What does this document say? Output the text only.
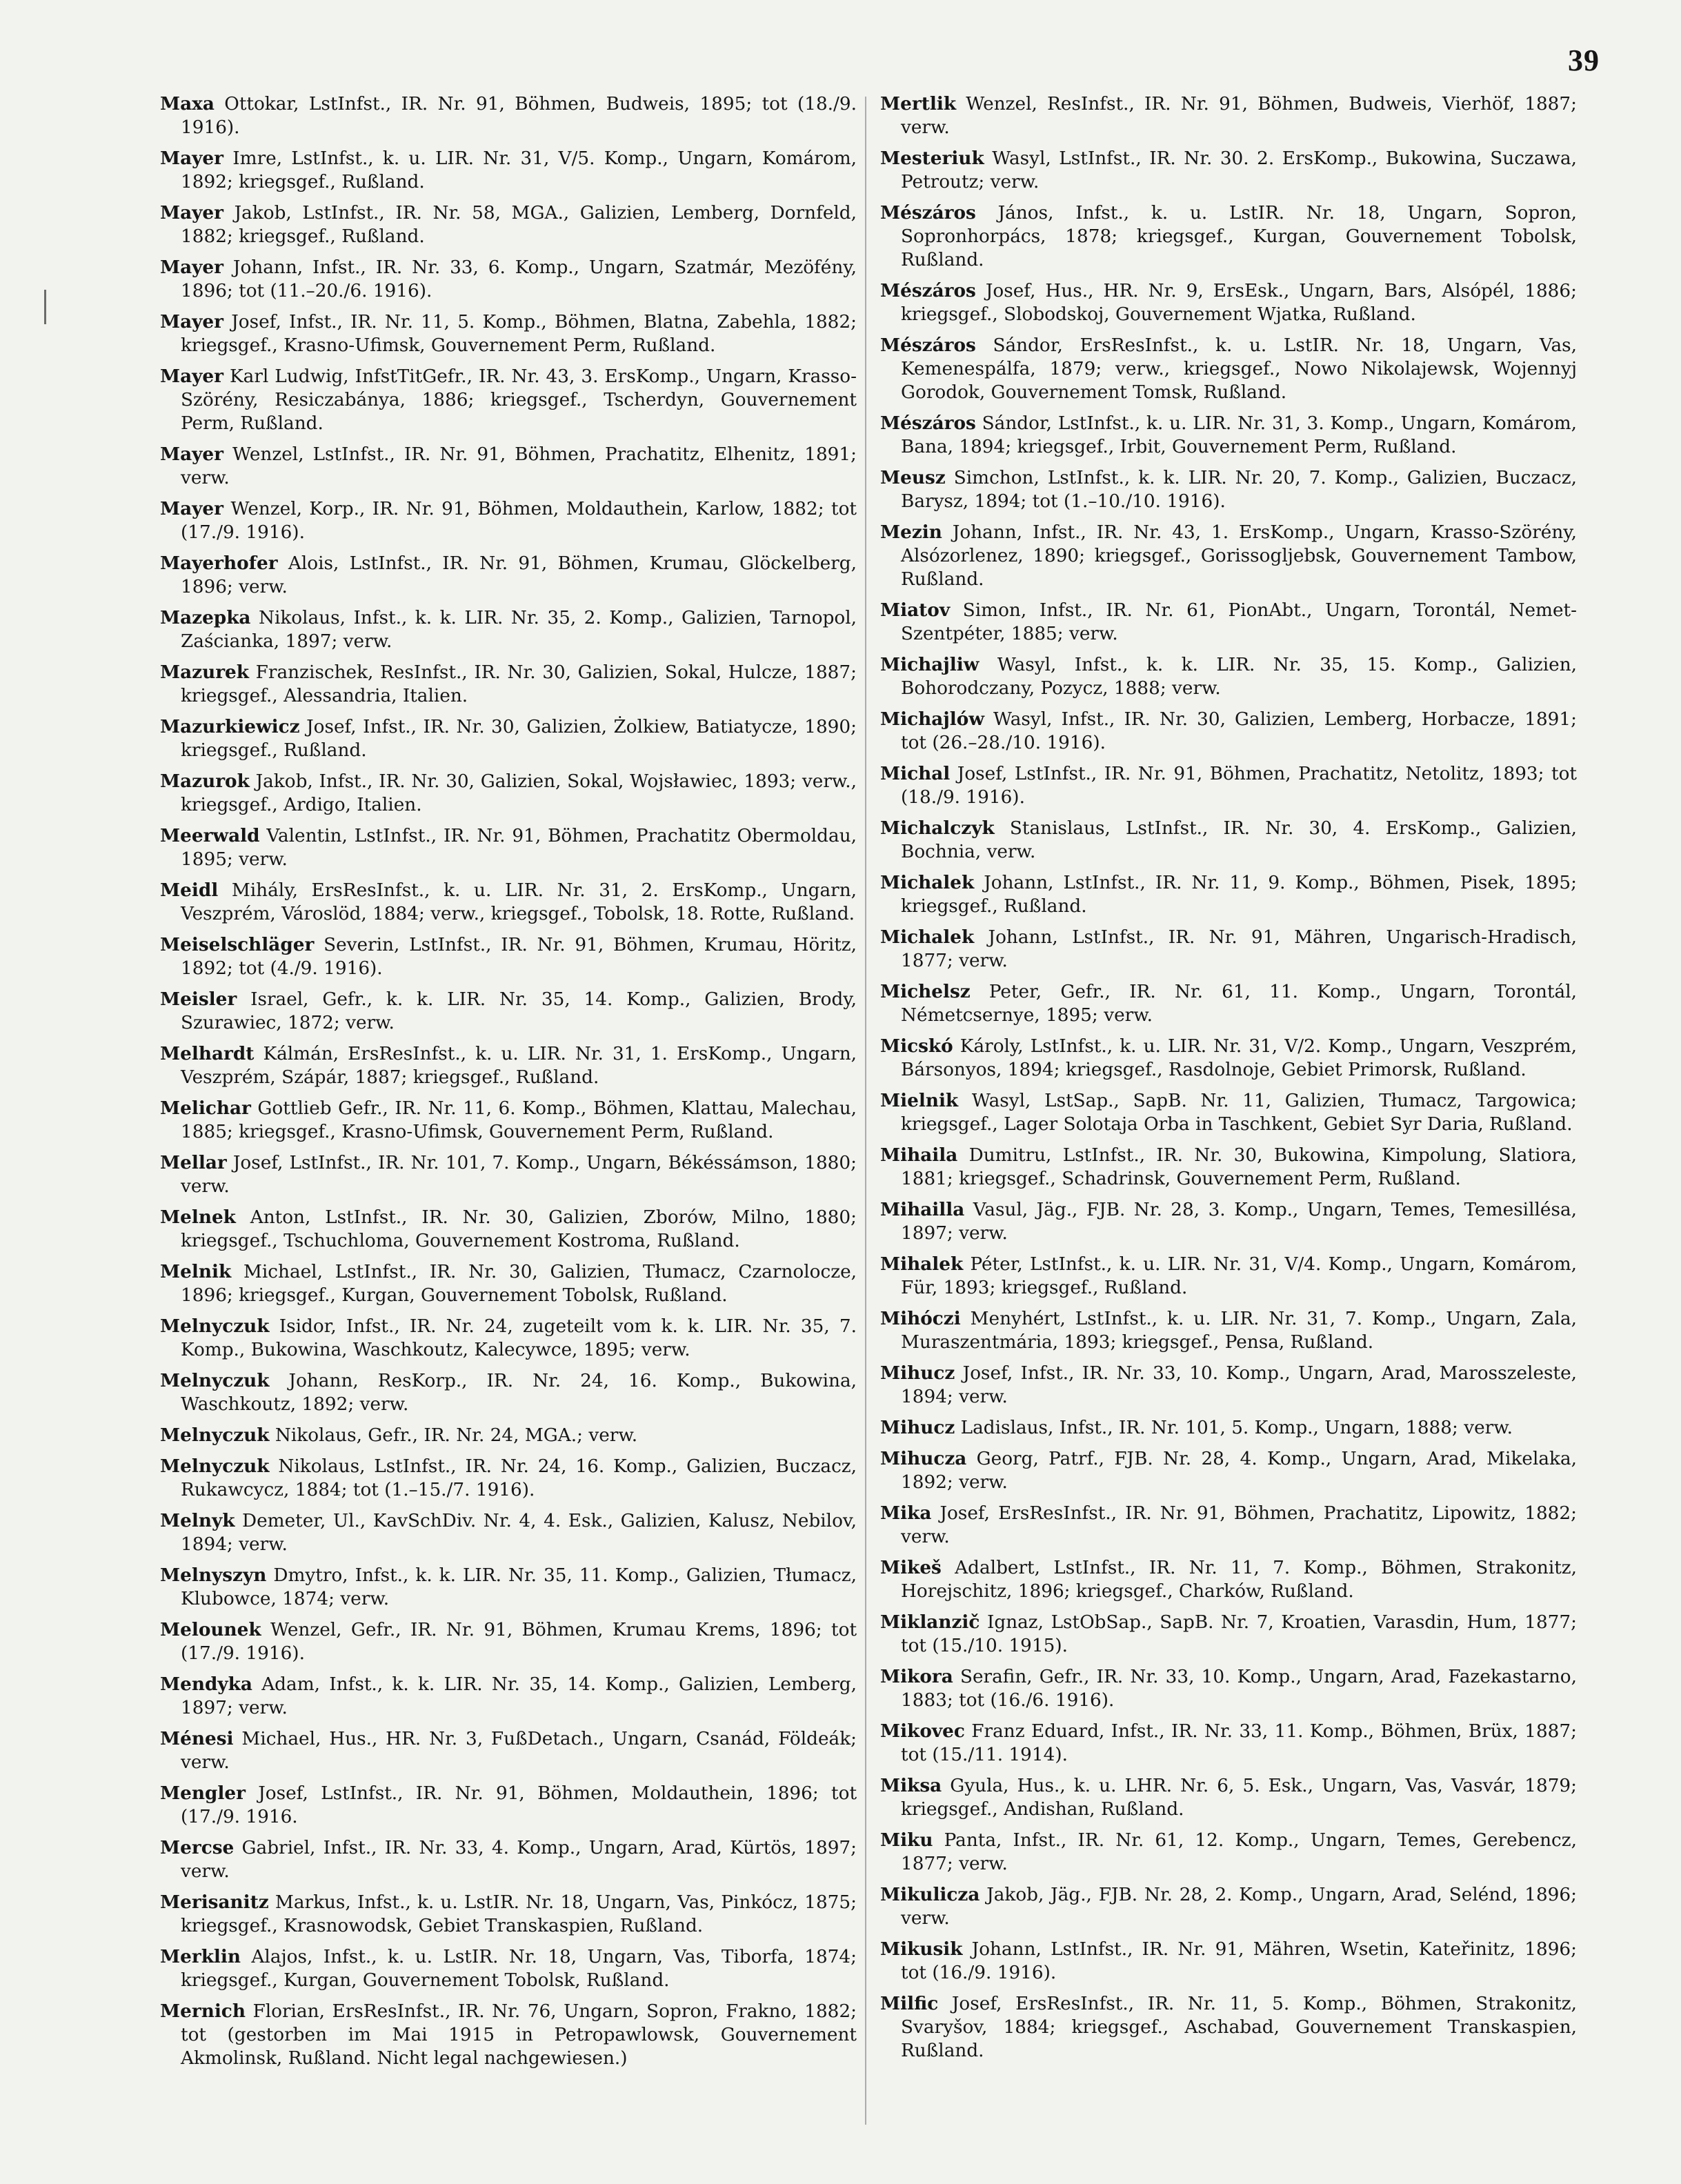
39

Maxa Ottokar, LstInfst., IR. Nr. 91, Böhmen, Budweis, 1895; tot (18./9. 1916).

Mayer Imre, LstInfst., k. u. LIR. Nr. 31, V/5. Komp., Ungarn, Komárom, 1892; kriegsgef., Rußland.

Mayer Jakob, LstInfst., IR. Nr. 58, MGA., Galizien, Lemberg, Dornfeld, 1882; kriegsgef., Rußland.

Mayer Johann, Infst., IR. Nr. 33, 6. Komp., Ungarn, Szatmár, Mezöfény, 1896; tot (11.–20./6. 1916).

Mayer Josef, Infst., IR. Nr. 11, 5. Komp., Böhmen, Blatna, Zabehla, 1882; kriegsgef., Krasno-Ufimsk, Gouvernement Perm, Rußland.

Mayer Karl Ludwig, InfstTitGefr., IR. Nr. 43, 3. ErsKomp., Ungarn, Krasso-Szörény, Resiczabánya, 1886; kriegsgef., Tscherdyn, Gouvernement Perm, Rußland.

Mayer Wenzel, LstInfst., IR. Nr. 91, Böhmen, Prachatitz, Elhenitz, 1891; verw.

Mayer Wenzel, Korp., IR. Nr. 91, Böhmen, Moldauthein, Karlow, 1882; tot (17./9. 1916).

Mayerhofer Alois, LstInfst., IR. Nr. 91, Böhmen, Krumau, Glöckelberg, 1896; verw.

Mazepka Nikolaus, Infst., k. k. LIR. Nr. 35, 2. Komp., Galizien, Tarnopol, Zaścianka, 1897; verw.

Mazurek Franzischek, ResInfst., IR. Nr. 30, Galizien, Sokal, Hulcze, 1887; kriegsgef., Alessandria, Italien.

Mazurkiewicz Josef, Infst., IR. Nr. 30, Galizien, Żolkiew, Batiatycze, 1890; kriegsgef., Rußland.

Mazurok Jakob, Infst., IR. Nr. 30, Galizien, Sokal, Wojsławiec, 1893; verw., kriegsgef., Ardigo, Italien.

Meerwald Valentin, LstInfst., IR. Nr. 91, Böhmen, Prachatitz Obermoldau, 1895; verw.

Meidl Mihály, ErsResInfst., k. u. LIR. Nr. 31, 2. ErsKomp., Ungarn, Veszprém, Városlöd, 1884; verw., kriegsgef., Tobolsk, 18. Rotte, Rußland.

Meiselschläger Severin, LstInfst., IR. Nr. 91, Böhmen, Krumau, Höritz, 1892; tot (4./9. 1916).

Meisler Israel, Gefr., k. k. LIR. Nr. 35, 14. Komp., Galizien, Brody, Szurawiec, 1872; verw.

Melhardt Kálmán, ErsResInfst., k. u. LIR. Nr. 31, 1. ErsKomp., Ungarn, Veszprém, Szápár, 1887; kriegsgef., Rußland.

Melichar Gottlieb Gefr., IR. Nr. 11, 6. Komp., Böhmen, Klattau, Malechau, 1885; kriegsgef., Krasno-Ufimsk, Gouvernement Perm, Rußland.

Mellar Josef, LstInfst., IR. Nr. 101, 7. Komp., Ungarn, Békéssámson, 1880; verw.

Melnek Anton, LstInfst., IR. Nr. 30, Galizien, Zborów, Milno, 1880; kriegsgef., Tschuchloma, Gouvernement Kostroma, Rußland.

Melnik Michael, LstInfst., IR. Nr. 30, Galizien, Tłumacz, Czarnolocze, 1896; kriegsgef., Kurgan, Gouvernement Tobolsk, Rußland.

Melnyczuk Isidor, Infst., IR. Nr. 24, zugeteilt vom k. k. LIR. Nr. 35, 7. Komp., Bukowina, Waschkoutz, Kalecywce, 1895; verw.

Melnyczuk Johann, ResKorp., IR. Nr. 24, 16. Komp., Bukowina, Waschkoutz, 1892; verw.

Melnyczuk Nikolaus, Gefr., IR. Nr. 24, MGA.; verw.

Melnyczuk Nikolaus, LstInfst., IR. Nr. 24, 16. Komp., Galizien, Buczacz, Rukawcycz, 1884; tot (1.–15./7. 1916).

Melnyk Demeter, Ul., KavSchDiv. Nr. 4, 4. Esk., Galizien, Kalusz, Nebilov, 1894; verw.

Melnyszyn Dmytro, Infst., k. k. LIR. Nr. 35, 11. Komp., Galizien, Tłumacz, Klubowce, 1874; verw.

Melounek Wenzel, Gefr., IR. Nr. 91, Böhmen, Krumau Krems, 1896; tot (17./9. 1916).

Mendyka Adam, Infst., k. k. LIR. Nr. 35, 14. Komp., Galizien, Lemberg, 1897; verw.

Ménesi Michael, Hus., HR. Nr. 3, FußDetach., Ungarn, Csanád, Földeák; verw.

Mengler Josef, LstInfst., IR. Nr. 91, Böhmen, Moldauthein, 1896; tot (17./9. 1916.

Mercse Gabriel, Infst., IR. Nr. 33, 4. Komp., Ungarn, Arad, Kürtös, 1897; verw.

Merisanitz Markus, Infst., k. u. LstIR. Nr. 18, Ungarn, Vas, Pinkócz, 1875; kriegsgef., Krasnowodsk, Gebiet Transkaspien, Rußland.

Merklin Alajos, Infst., k. u. LstIR. Nr. 18, Ungarn, Vas, Tiborfa, 1874; kriegsgef., Kurgan, Gouvernement Tobolsk, Rußland.

Mernich Florian, ErsResInfst., IR. Nr. 76, Ungarn, Sopron, Frakno, 1882; tot (gestorben im Mai 1915 in Petropawlowsk, Gouvernement Akmolinsk, Rußland. Nicht legal nachgewiesen.)

Mertlik Wenzel, ResInfst., IR. Nr. 91, Böhmen, Budweis, Vierhöf, 1887; verw.

Mesteriuk Wasyl, LstInfst., IR. Nr. 30. 2. ErsKomp., Bukowina, Suczawa, Petroutz; verw.

Mészáros János, Infst., k. u. LstIR. Nr. 18, Ungarn, Sopron, Sopronhorpács, 1878; kriegsgef., Kurgan, Gouvernement Tobolsk, Rußland.

Mészáros Josef, Hus., HR. Nr. 9, ErsEsk., Ungarn, Bars, Alsópél, 1886; kriegsgef., Slobodskoj, Gouvernement Wjatka, Rußland.

Mészáros Sándor, ErsResInfst., k. u. LstIR. Nr. 18, Ungarn, Vas, Kemenespálfa, 1879; verw., kriegsgef., Nowo Nikolajewsk, Wojennyj Gorodok, Gouvernement Tomsk, Rußland.

Mészáros Sándor, LstInfst., k. u. LIR. Nr. 31, 3. Komp., Ungarn, Komárom, Bana, 1894; kriegsgef., Irbit, Gouvernement Perm, Rußland.

Meusz Simchon, LstInfst., k. k. LIR. Nr. 20, 7. Komp., Galizien, Buczacz, Barysz, 1894; tot (1.–10./10. 1916).

Mezin Johann, Infst., IR. Nr. 43, 1. ErsKomp., Ungarn, Krasso-Szörény, Alsózorlenez, 1890; kriegsgef., Gorissogljebsk, Gouvernement Tambow, Rußland.

Miatov Simon, Infst., IR. Nr. 61, PionAbt., Ungarn, Torontál, Nemet-Szentpéter, 1885; verw.

Michajliw Wasyl, Infst., k. k. LIR. Nr. 35, 15. Komp., Galizien, Bohorodczany, Pozycz, 1888; verw.

Michajlów Wasyl, Infst., IR. Nr. 30, Galizien, Lemberg, Horbacze, 1891; tot (26.–28./10. 1916).

Michal Josef, LstInfst., IR. Nr. 91, Böhmen, Prachatitz, Netolitz, 1893; tot (18./9. 1916).

Michalczyk Stanislaus, LstInfst., IR. Nr. 30, 4. ErsKomp., Galizien, Bochnia, verw.

Michalek Johann, LstInfst., IR. Nr. 11, 9. Komp., Böhmen, Pisek, 1895; kriegsgef., Rußland.

Michalek Johann, LstInfst., IR. Nr. 91, Mähren, Ungarisch-Hradisch, 1877; verw.

Michelsz Peter, Gefr., IR. Nr. 61, 11. Komp., Ungarn, Torontál, Németcsernye, 1895; verw.

Micskó Károly, LstInfst., k. u. LIR. Nr. 31, V/2. Komp., Ungarn, Veszprém, Bársonyos, 1894; kriegsgef., Rasdolnoje, Gebiet Primorsk, Rußland.

Mielnik Wasyl, LstSap., SapB. Nr. 11, Galizien, Tłumacz, Targowica; kriegsgef., Lager Solotaja Orba in Taschkent, Gebiet Syr Daria, Rußland.

Mihaila Dumitru, LstInfst., IR. Nr. 30, Bukowina, Kimpolung, Slatiora, 1881; kriegsgef., Schadrinsk, Gouvernement Perm, Rußland.

Mihailla Vasul, Jäg., FJB. Nr. 28, 3. Komp., Ungarn, Temes, Temesillésa, 1897; verw.

Mihalek Péter, LstInfst., k. u. LIR. Nr. 31, V/4. Komp., Ungarn, Komárom, Für, 1893; kriegsgef., Rußland.

Mihóczi Menyhért, LstInfst., k. u. LIR. Nr. 31, 7. Komp., Ungarn, Zala, Muraszentmária, 1893; kriegsgef., Pensa, Rußland.

Mihucz Josef, Infst., IR. Nr. 33, 10. Komp., Ungarn, Arad, Marosszeleste, 1894; verw.

Mihucz Ladislaus, Infst., IR. Nr. 101, 5. Komp., Ungarn, 1888; verw.

Mihucza Georg, Patrf., FJB. Nr. 28, 4. Komp., Ungarn, Arad, Mikelaka, 1892; verw.

Mika Josef, ErsResInfst., IR. Nr. 91, Böhmen, Prachatitz, Lipowitz, 1882; verw.

Mikeš Adalbert, LstInfst., IR. Nr. 11, 7. Komp., Böhmen, Strakonitz, Horejschitz, 1896; kriegsgef., Charków, Rußland.

Miklanzič Ignaz, LstObSap., SapB. Nr. 7, Kroatien, Varasdin, Hum, 1877; tot (15./10. 1915).

Mikora Serafin, Gefr., IR. Nr. 33, 10. Komp., Ungarn, Arad, Fazekastarno, 1883; tot (16./6. 1916).

Mikovec Franz Eduard, Infst., IR. Nr. 33, 11. Komp., Böhmen, Brüx, 1887; tot (15./11. 1914).

Miksa Gyula, Hus., k. u. LHR. Nr. 6, 5. Esk., Ungarn, Vas, Vasvár, 1879; kriegsgef., Andishan, Rußland.

Miku Panta, Infst., IR. Nr. 61, 12. Komp., Ungarn, Temes, Gerebencz, 1877; verw.

Mikulicza Jakob, Jäg., FJB. Nr. 28, 2. Komp., Ungarn, Arad, Selénd, 1896; verw.

Mikusik Johann, LstInfst., IR. Nr. 91, Mähren, Wsetin, Kateřinitz, 1896; tot (16./9. 1916).

Milfic Josef, ErsResInfst., IR. Nr. 11, 5. Komp., Böhmen, Strakonitz, Svaryšov, 1884; kriegsgef., Aschabad, Gouvernement Transkaspien, Rußland.
